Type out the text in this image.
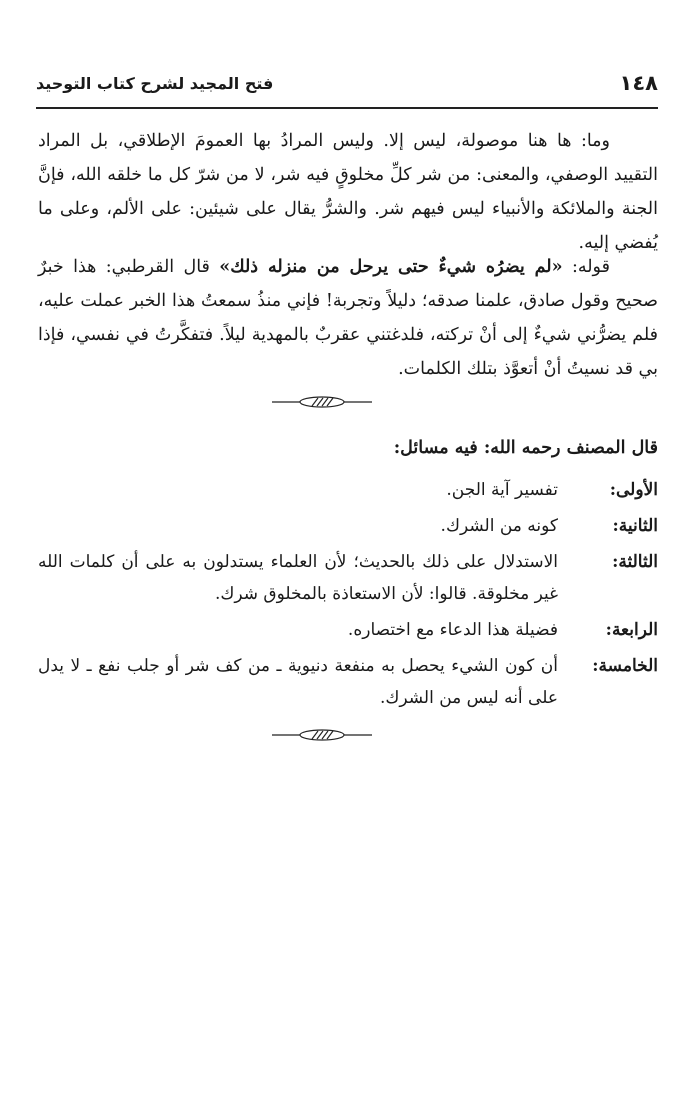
١٤٨
فتح المجيد لشرح كتاب التوحيد

وما: ها هنا موصولة، ليس إلا. وليس المرادُ بها العمومَ الإطلاقي، بل المراد التقييد الوصفي، والمعنى: من شر كلِّ مخلوقٍ فيه شر، لا من شرّ كل ما خلقه الله، فإنَّ الجنة والملائكة والأنبياء ليس فيهم شر. والشرُّ يقال على شيئين: على الألم، وعلى ما يُفضي إليه.

قوله: «لم يضرُه شيءٌ حتى يرحل من منزله ذلك» قال القرطبي: هذا خبرٌ صحيح وقول صادق، علمنا صدقه؛ دليلاً وتجربة! فإني منذُ سمعتُ هذا الخبر عملت عليه، فلم يضرُّني شيءٌ إلى أنْ تركته، فلدغتني عقربٌ بالمهدية ليلاً. فتفكَّرتُ في نفسي، فإذا بي قد نسيتُ أنْ أتعوَّذ بتلك الكلمات.

قال المصنف رحمه الله: فيه مسائل:
الأولى:
تفسير آية الجن.
الثانية:
كونه من الشرك.
الثالثة:
الاستدلال على ذلك بالحديث؛ لأن العلماء يستدلون به على أن كلمات الله غير مخلوقة. قالوا: لأن الاستعاذة بالمخلوق شرك.
الرابعة:
فضيلة هذا الدعاء مع اختصاره.
الخامسة:
أن كون الشيء يحصل به منفعة دنيوية ـ من كف شر أو جلب نفع ـ لا يدل على أنه ليس من الشرك.
